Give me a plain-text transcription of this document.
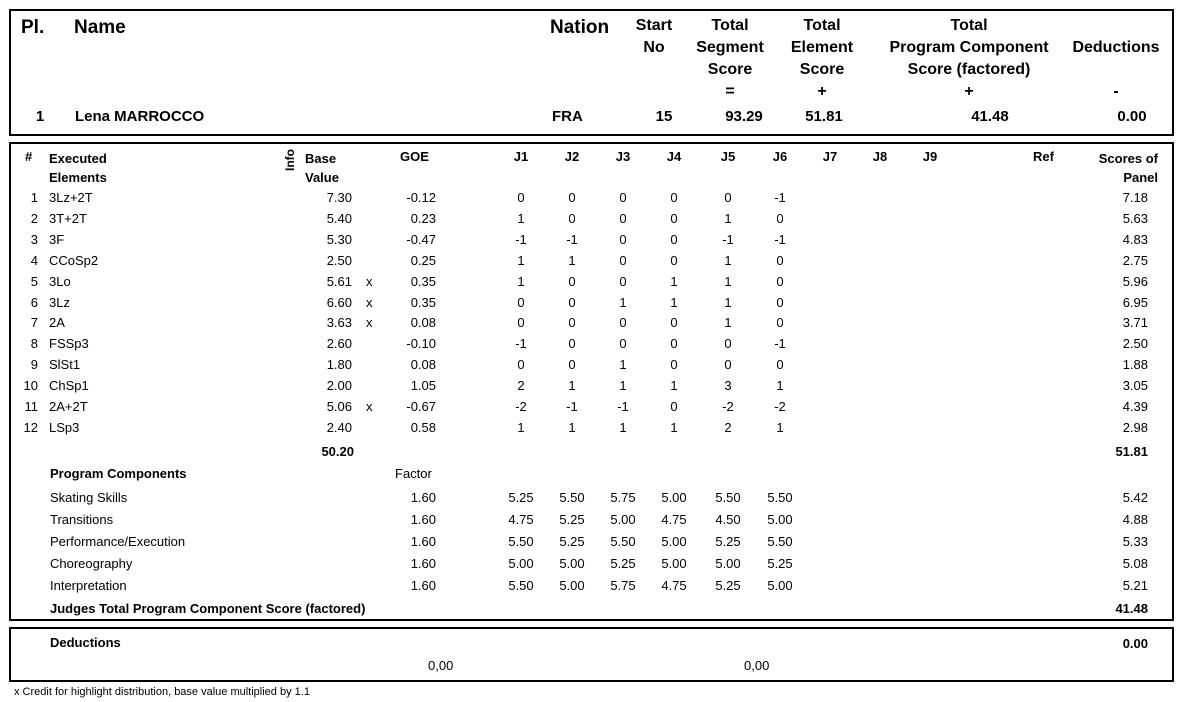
Pl. Name	Nation	Start
No
Total
Segment
Score
=
Total
Element
Score
+
Total
Program Component
Score (factored)
+
Deductions
-
1	Lena MARROCCO	FRA	15	93.29	51.81	41.48	0.00
# Executed
Elements
Info Base
Value
GOE	J1	J2	J3	J4	J5	J6	J7	J8	J9	Ref	Scores of
Panel
1 3Lz+2T	7.30	-0.12	0	0	0	0	0	-1	7.18
2 3T+2T	5.40	0.23	1	0	0	0	1	0	5.63
3 3F	5.30	-0.47	-1	-1	0	0	-1	-1	4.83
4 CCoSp2	2.50	0.25	1	1	0	0	1	0	2.75
5 3Lo	5.61 x	0.35	1	0	0	1	1	0	5.96
6 3Lz	6.60 x	0.35	0	0	1	1	1	0	6.95
7 2A	3.63 x	0.08	0	0	0	0	1	0	3.71
8 FSSp3	2.60	-0.10	-1	0	0	0	0	-1	2.50
9 SlSt1	1.80	0.08	0	0	1	0	0	0	1.88
10 ChSp1	2.00	1.05	2	1	1	1	3	1	3.05
11 2A+2T	5.06 x	-0.67	-2	-1	-1	0	-2	-2	4.39
12 LSp3	2.40	0.58	1	1	1	1	2	1	2.98
50.20	51.81
Program Components	Factor
Skating Skills	1.60	5.25	5.50	5.75	5.00	5.50	5.50	5.42
Transitions	1.60	4.75	5.25	5.00	4.75	4.50	5.00	4.88
Performance/Execution	1.60	5.50	5.25	5.50	5.00	5.25	5.50	5.33
Choreography	1.60	5.00	5.00	5.25	5.00	5.00	5.25	5.08
Interpretation	1.60	5.50	5.00	5.75	4.75	5.25	5.00	5.21
Judges Total Program Component Score (factored)	41.48
Deductions	0.00
0,00	0,00
x Credit for highlight distribution, base value multiplied by 1.1
